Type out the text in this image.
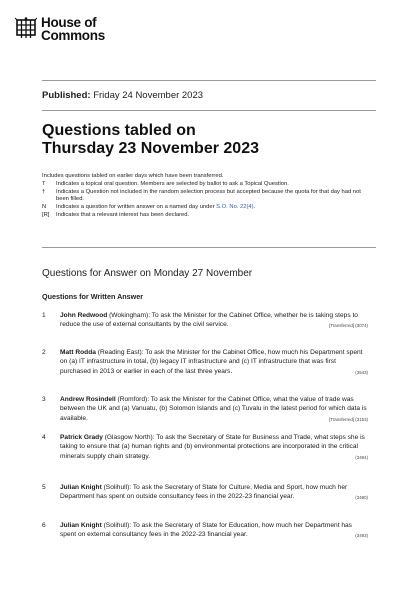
House of
Commons
Published: Friday 24 November 2023
Questions tabled on
Thursday 23 November 2023
Includes questions tabled on earlier days which have been transferred.
T	Indicates a topical oral question. Members are selected by ballot to ask a Topical Question.
†	Indicates a Question not included in the random selection process but accepted because the quota for that day had not been filled.
N	Indicates a question for written answer on a named day under S.O. No. 22(4).
[R]	Indicates that a relevant interest has been declared.
Questions for Answer on Monday 27 November
Questions for Written Answer
1	John Redwood (Wokingham): To ask the Minister for the Cabinet Office, whether he is taking steps to reduce the use of external consultants by the civil service.	[Transferred] (3074)
2	Matt Rodda (Reading East): To ask the Minister for the Cabinet Office, how much his Department spent on (a) IT infrastructure in total, (b) legacy IT infrastructure and (c) IT infrastructure that was first purchased in 2013 or earlier in each of the last three years.	(3543)
3	Andrew Rosindell (Romford): To ask the Minister for the Cabinet Office, what the value of trade was between the UK and (a) Vanuatu, (b) Solomon Islands and (c) Tuvalu in the latest period for which data is available.	[Transferred] (3153)
4	Patrick Grady (Glasgow North): To ask the Secretary of State for Business and Trade, what steps she is taking to ensure that (a) human rights and (b) environmental protections are incorporated in the critical minerals supply chain strategy.	(3494)
5	Julian Knight (Solihull): To ask the Secretary of State for Culture, Media and Sport, how much her Department has spent on outside consultancy fees in the 2022-23 financial year.	(3490)
6	Julian Knight (Solihull): To ask the Secretary of State for Education, how much her Department has spent on external consultancy fees in the 2022-23 financial year.	(3493)
